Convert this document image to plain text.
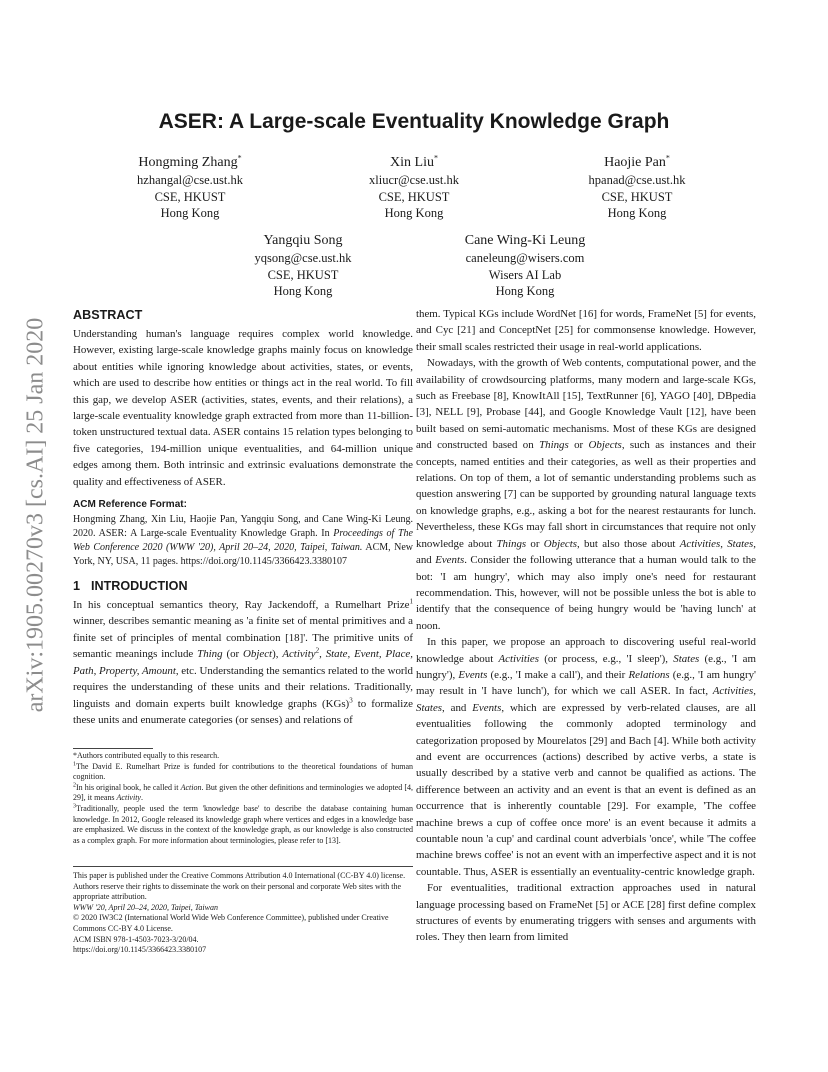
arXiv:1905.00270v3 [cs.AI] 25 Jan 2020
ASER: A Large-scale Eventuality Knowledge Graph
Hongming Zhang*
hzhangal@cse.ust.hk
CSE, HKUST
Hong Kong
Xin Liu*
xliucr@cse.ust.hk
CSE, HKUST
Hong Kong
Haojie Pan*
hpanad@cse.ust.hk
CSE, HKUST
Hong Kong
Yangqiu Song
yqsong@cse.ust.hk
CSE, HKUST
Hong Kong
Cane Wing-Ki Leung
caneleung@wisers.com
Wisers AI Lab
Hong Kong
ABSTRACT

Understanding human's language requires complex world knowledge. However, existing large-scale knowledge graphs mainly focus on knowledge about entities while ignoring knowledge about activities, states, or events, which are used to describe how entities or things act in the real world. To fill this gap, we develop ASER (activities, states, events, and their relations), a large-scale eventuality knowledge graph extracted from more than 11-billion-token unstructured textual data. ASER contains 15 relation types belonging to five categories, 194-million unique eventualities, and 64-million unique edges among them. Both intrinsic and extrinsic evaluations demonstrate the quality and effectiveness of ASER.

ACM Reference Format:

Hongming Zhang, Xin Liu, Haojie Pan, Yangqiu Song, and Cane Wing-Ki Leung. 2020. ASER: A Large-scale Eventuality Knowledge Graph. In Proceedings of The Web Conference 2020 (WWW '20), April 20–24, 2020, Taipei, Taiwan. ACM, New York, NY, USA, 11 pages. https://doi.org/10.1145/3366423.3380107

1 INTRODUCTION

In his conceptual semantics theory, Ray Jackendoff, a Rumelhart Prize$^1$ winner, describes semantic meaning as 'a finite set of mental primitives and a finite set of principles of mental combination [18]'. The primitive units of semantic meanings include Thing (or Object), Activity$^2$, State, Event, Place, Path, Property, Amount, etc. Understanding the semantics related to the world requires the understanding of these units and their relations. Traditionally, linguists and domain experts built knowledge graphs (KGs)$^3$ to formalize these units and enumerate categories (or senses) and relations of

*Authors contributed equally to this research.

$^1$The David E. Rumelhart Prize is funded for contributions to the theoretical foundations of human cognition.

$^2$In his original book, he called it Action. But given the other definitions and terminologies we adopted [4, 29], it means Activity.

$^3$Traditionally, people used the term 'knowledge base' to describe the database containing human knowledge. In 2012, Google released its knowledge graph where vertices and edges in a knowledge base are emphasized. We discuss in the context of the knowledge graph, as our knowledge is also constructed as a complex graph. For more information about terminologies, please refer to [13].

This paper is published under the Creative Commons Attribution 4.0 International (CC-BY 4.0) license. Authors reserve their rights to disseminate the work on their personal and corporate Web sites with the appropriate attribution.

WWW '20, April 20–24, 2020, Taipei, Taiwan

© 2020 IW3C2 (International World Wide Web Conference Committee), published under Creative Commons CC-BY 4.0 License.

ACM ISBN 978-1-4503-7023-3/20/04.

https://doi.org/10.1145/3366423.3380107

them. Typical KGs include WordNet [16] for words, FrameNet [5] for events, and Cyc [21] and ConceptNet [25] for commonsense knowledge. However, their small scales restricted their usage in real-world applications.

Nowadays, with the growth of Web contents, computational power, and the availability of crowdsourcing platforms, many modern and large-scale KGs, such as Freebase [8], KnowItAll [15], TextRunner [6], YAGO [40], DBpedia [3], NELL [9], Probase [44], and Google Knowledge Vault [12], have been built based on semi-automatic mechanisms. Most of these KGs are designed and constructed based on Things or Objects, such as instances and their concepts, named entities and their categories, as well as their properties and relations. On top of them, a lot of semantic understanding problems such as question answering [7] can be supported by grounding natural language texts on knowledge graphs, e.g., asking a bot for the nearest restaurants for lunch. Nevertheless, these KGs may fall short in circumstances that require not only knowledge about Things or Objects, but also those about Activities, States, and Events. Consider the following utterance that a human would talk to the bot: 'I am hungry', which may also imply one's need for restaurant recommendation. This, however, will not be possible unless the bot is able to identify that the consequence of being hungry would be 'having lunch' at noon.

In this paper, we propose an approach to discovering useful real-world knowledge about Activities (or process, e.g., 'I sleep'), States (e.g., 'I am hungry'), Events (e.g., 'I make a call'), and their Relations (e.g., 'I am hungry' may result in 'I have lunch'), for which we call ASER. In fact, Activities, States, and Events, which are expressed by verb-related clauses, are all eventualities following the commonly adopted terminology and categorization proposed by Mourelatos [29] and Bach [4]. While both activity and event are occurrences (actions) described by active verbs, a state is usually described by a stative verb and cannot be qualified as actions. The difference between an activity and an event is that an event is defined as an occurrence that is inherently countable [29]. For example, 'The coffee machine brews a cup of coffee once more' is an event because it admits a countable noun 'a cup' and cardinal count adverbials 'once', while 'The coffee machine brews coffee' is not an event with an imperfective aspect and it is not countable. Thus, ASER is essentially an eventuality-centric knowledge graph.

For eventualities, traditional extraction approaches used in natural language processing based on FrameNet [5] or ACE [28] first define complex structures of events by enumerating triggers with senses and arguments with roles. They then learn from limited
